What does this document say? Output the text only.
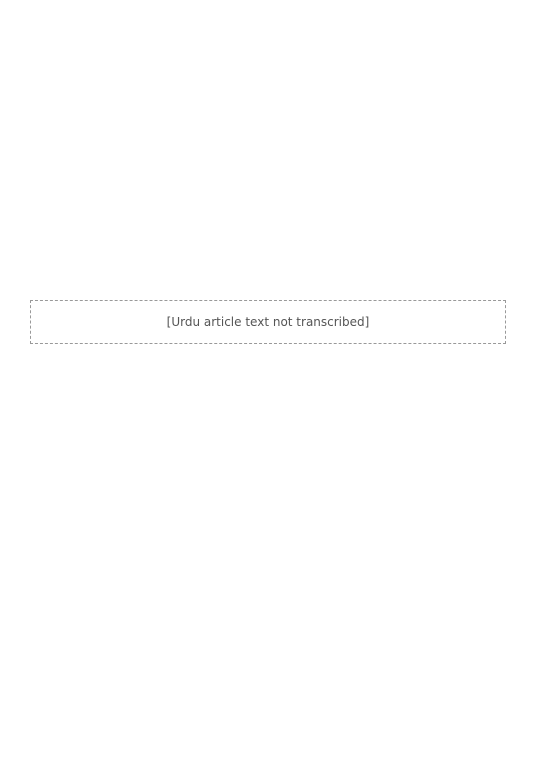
[Urdu article text not transcribed]
